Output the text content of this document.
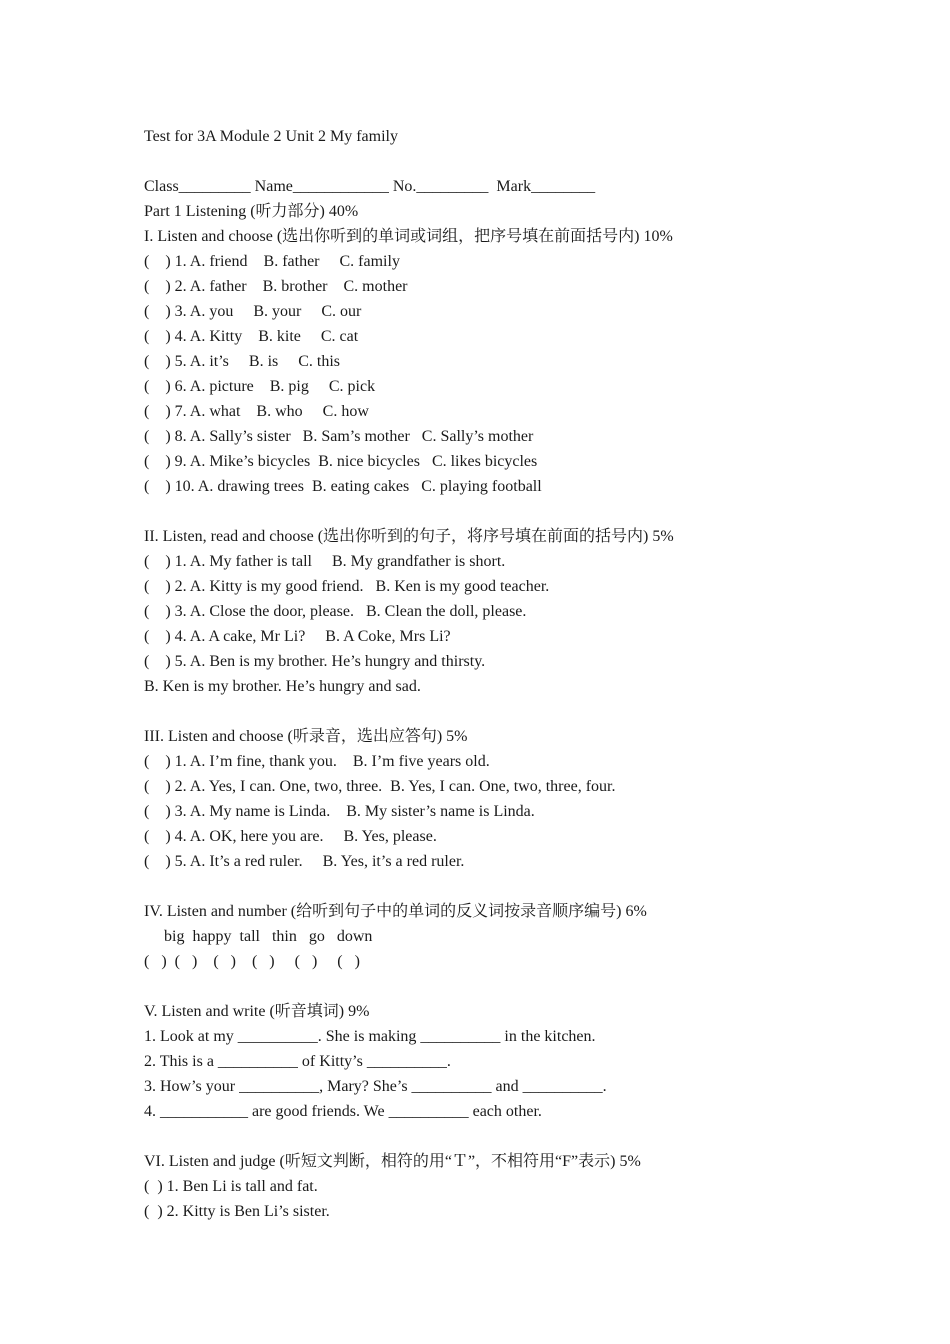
Test for 3A Module 2 Unit 2 My family
Class_________ Name____________ No._________  Mark________
Part 1 Listening (听力部分) 40%
I. Listen and choose (选出你听到的单词或词组，把序号填在前面括号内) 10%
(    ) 1. A. friend    B. father     C. family
(    ) 2. A. father    B. brother    C. mother
(    ) 3. A. you     B. your     C. our
(    ) 4. A. Kitty    B. kite     C. cat
(    ) 5. A. it’s     B. is     C. this
(    ) 6. A. picture    B. pig     C. pick
(    ) 7. A. what    B. who     C. how
(    ) 8. A. Sally’s sister   B. Sam’s mother   C. Sally’s mother
(    ) 9. A. Mike’s bicycles  B. nice bicycles   C. likes bicycles
(    ) 10. A. drawing trees  B. eating cakes   C. playing football
II. Listen, read and choose (选出你听到的句子，将序号填在前面的括号内) 5%
(    ) 1. A. My father is tall     B. My grandfather is short.
(    ) 2. A. Kitty is my good friend.   B. Ken is my good teacher.
(    ) 3. A. Close the door, please.   B. Clean the doll, please.
(    ) 4. A. A cake, Mr Li?     B. A Coke, Mrs Li?
(    ) 5. A. Ben is my brother. He’s hungry and thirsty.
B. Ken is my brother. He’s hungry and sad.
III. Listen and choose (听录音，选出应答句) 5%
(    ) 1. A. I’m fine, thank you.    B. I’m five years old.
(    ) 2. A. Yes, I can. One, two, three.  B. Yes, I can. One, two, three, four.
(    ) 3. A. My name is Linda.    B. My sister’s name is Linda.
(    ) 4. A. OK, here you are.     B. Yes, please.
(    ) 5. A. It’s a red ruler.     B. Yes, it’s a red ruler.
IV. Listen and number (给听到句子中的单词的反义词按录音顺序编号) 6%
big  happy  tall   thin   go   down
(   )  (   )    (   )    (   )     (   )     (   )
V. Listen and write (听音填词) 9%
1. Look at my __________. She is making __________ in the kitchen.
2. This is a __________ of Kitty’s __________.
3. How’s your __________, Mary? She’s __________ and __________.
4. ___________ are good friends. We __________ each other.
VI. Listen and judge (听短文判断，相符的用“Ｔ”，不相符用“F”表示) 5%
(  ) 1. Ben Li is tall and fat.
(  ) 2. Kitty is Ben Li’s sister.
